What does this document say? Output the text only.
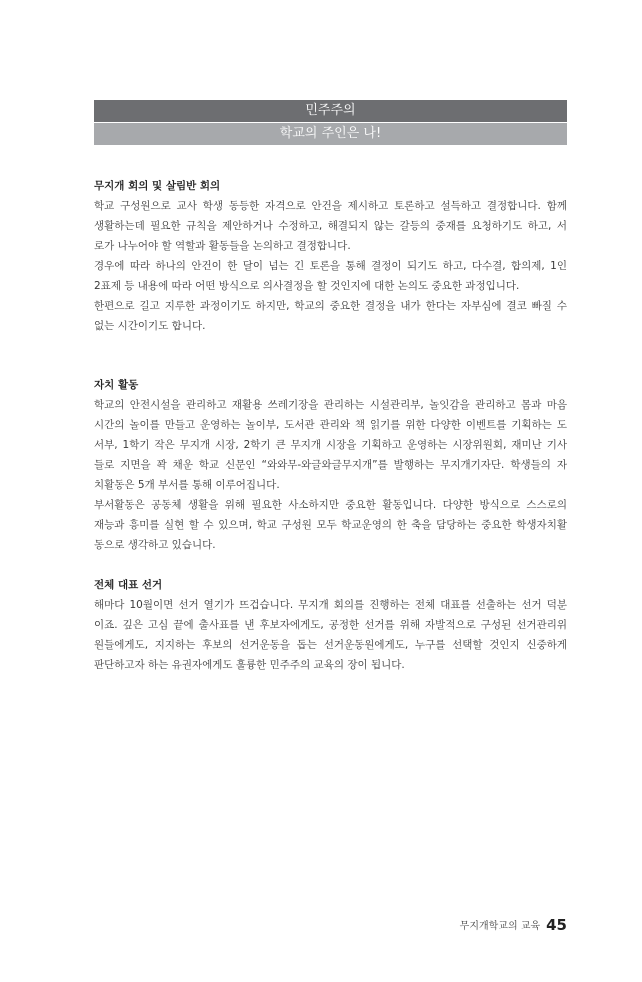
민주주의
학교의 주인은 나!

무지개 회의 및 살림반 회의

학교 구성원으로 교사 학생 동등한 자격으로 안건을 제시하고 토론하고 설득하고 결정합니다. 함께

생활하는데 필요한 규칙을 제안하거나 수정하고, 해결되지 않는 갈등의 중재를 요청하기도 하고, 서

로가 나누어야 할 역할과 활동들을 논의하고 결정합니다.

경우에 따라 하나의 안건이 한 달이 넘는 긴 토론을 통해 결정이 되기도 하고, 다수결, 합의제, 1인

2표제 등 내용에 따라 어떤 방식으로 의사결정을 할 것인지에 대한 논의도 중요한 과정입니다.

한편으로 길고 지루한 과정이기도 하지만, 학교의 중요한 결정을 내가 한다는 자부심에 결코 빠질 수

없는 시간이기도 합니다.

자치 활동

학교의 안전시설을 관리하고 재활용 쓰레기장을 관리하는 시설관리부, 놀잇감을 관리하고 몸과 마음

시간의 놀이를 만들고 운영하는 놀이부, 도서관 관리와 책 읽기를 위한 다양한 이벤트를 기획하는 도

서부, 1학기 작은 무지개 시장, 2학기 큰 무지개 시장을 기획하고 운영하는 시장위원회, 재미난 기사

들로 지면을 꽉 채운 학교 신문인 “와와무-와글와글무지개”를 발행하는 무지개기자단. 학생들의 자

치활동은 5개 부서를 통해 이루어집니다.

부서활동은 공동체 생활을 위해 필요한 사소하지만 중요한 활동입니다. 다양한 방식으로 스스로의

재능과 흥미를 실현 할 수 있으며, 학교 구성원 모두 학교운영의 한 축을 담당하는 중요한 학생자치활

동으로 생각하고 있습니다.

전체 대표 선거

해마다 10월이면 선거 열기가 뜨겁습니다. 무지개 회의를 진행하는 전체 대표를 선출하는 선거 덕분

이죠. 깊은 고심 끝에 출사표를 낸 후보자에게도, 공정한 선거를 위해 자발적으로 구성된 선거관리위

원들에게도, 지지하는 후보의 선거운동을 돕는 선거운동원에게도, 누구를 선택할 것인지 신중하게

판단하고자 하는 유권자에게도 훌륭한 민주주의 교육의 장이 됩니다.

무지개학교의 교육 45
